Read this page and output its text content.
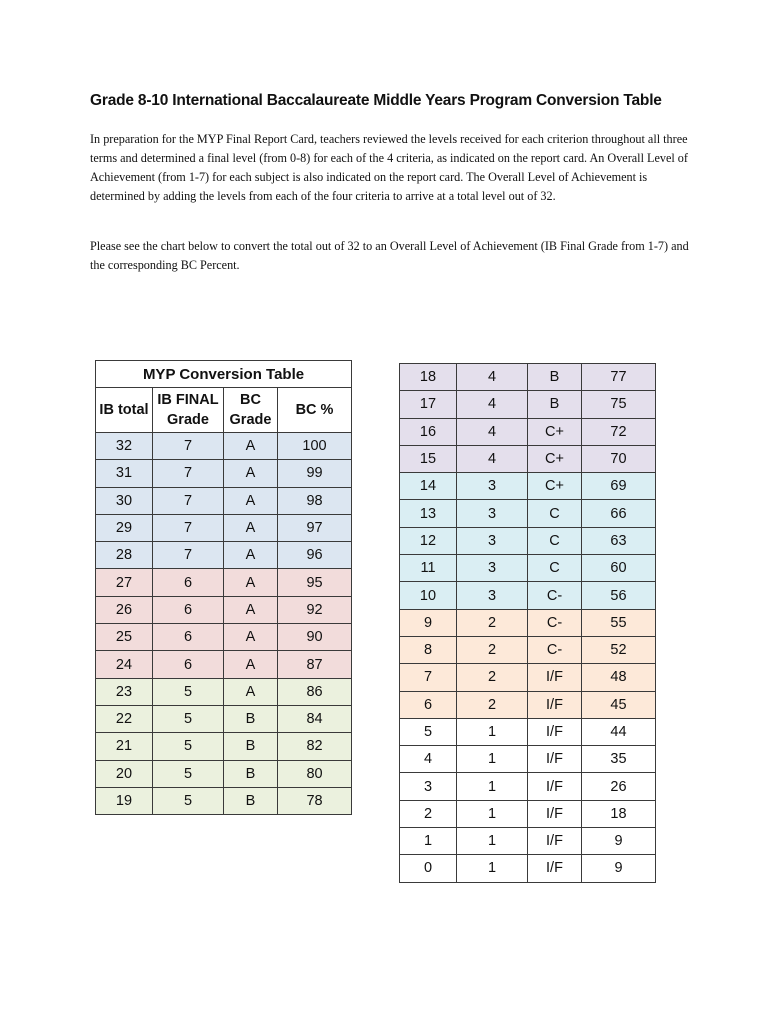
Grade 8-10 International Baccalaureate Middle Years Program Conversion Table

In preparation for the MYP Final Report Card, teachers reviewed the levels received for each criterion throughout all three terms and determined a final level (from 0-8) for each of the 4 criteria, as indicated on the report card. An Overall Level of Achievement (from 1-7) for each subject is also indicated on the report card. The Overall Level of Achievement is determined by adding the levels from each of the four criteria to arrive at a total level out of 32.

Please see the chart below to convert the total out of 32 to an Overall Level of Achievement (IB Final Grade from 1-7) and the corresponding BC Percent.

MYP Conversion Table			
IB total	IB FINAL Grade	BC Grade	BC %
32	7	A	100
31	7	A	99
30	7	A	98
29	7	A	97
28	7	A	96
27	6	A	95
26	6	A	92
25	6	A	90
24	6	A	87
23	5	A	86
22	5	B	84
21	5	B	82
20	5	B	80
19	5	B	78
18	4	B	77
17	4	B	75
16	4	C+	72
15	4	C+	70
14	3	C+	69
13	3	C	66
12	3	C	63
11	3	C	60
10	3	C-	56
9	2	C-	55
8	2	C-	52
7	2	I/F	48
6	2	I/F	45
5	1	I/F	44
4	1	I/F	35
3	1	I/F	26
2	1	I/F	18
1	1	I/F	9
0	1	I/F	9
